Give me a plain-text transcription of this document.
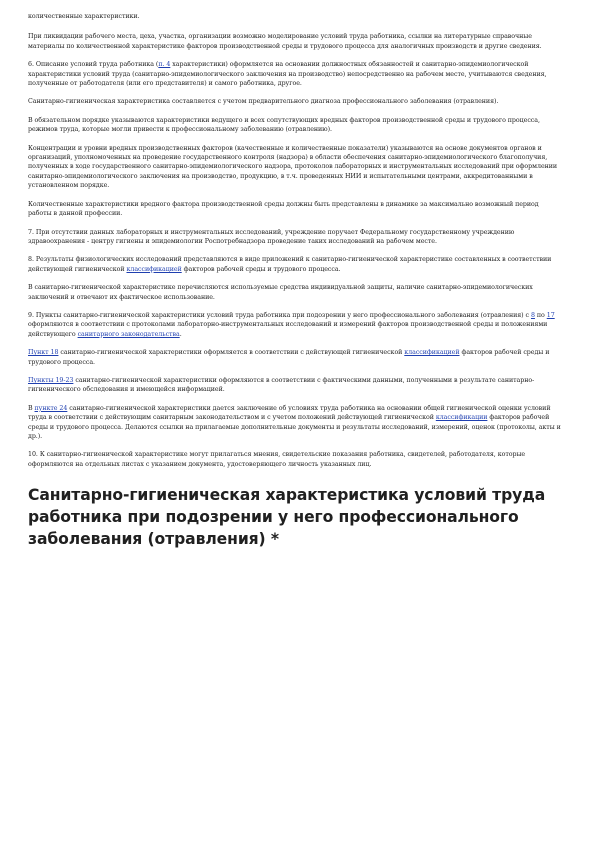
количественные характеристики.

При ликвидации рабочего места, цеха, участка, организации возможно моделирование условий труда работника, ссылки на литературные справочные материалы по количественной характеристике факторов производственной среды и трудового процесса для аналогичных производств и другие сведения.

6. Описание условий труда работника (п. 4 характеристики) оформляется на основании должностных обязанностей и санитарно-эпидемиологической характеристики условий труда (санитарно-эпидемиологического заключения на производство) непосредственно на рабочем месте, учитываются сведения, полученные от работодателя (или его представителя) и самого работника, другое.

Санитарно-гигиеническая характеристика составляется с учетом предварительного диагноза профессионального заболевания (отравления).

В обязательном порядке указываются характеристики ведущего и всех сопутствующих вредных факторов производственной среды и трудового процесса, режимов труда, которые могли привести к профессиональному заболеванию (отравлению).

Концентрации и уровни вредных производственных факторов (качественные и количественные показатели) указываются на основе документов органов и организаций, уполномоченных на проведение государственного контроля (надзора) в области обеспечения санитарно-эпидемиологического благополучия, полученных в ходе государственного санитарно-эпидемиологического надзора, протоколов лабораторных и инструментальных исследований при оформлении санитарно-эпидемиологического заключения на производство, продукцию, в т.ч. проведенных НИИ и испытательными центрами, аккредитованными в установленном порядке.

Количественные характеристики вредного фактора производственной среды должны быть представлены в динамике за максимально возможный период работы в данной профессии.

7. При отсутствии данных лабораторных и инструментальных исследований, учреждение поручает Федеральному государственному учреждению здравоохранения - центру гигиены и эпидемиологии Роспотребнадзора проведение таких исследований на рабочем месте.

8. Результаты физиологических исследований представляются в виде приложений к санитарно-гигиенической характеристике составленных в соответствии действующей гигиенической классификацией факторов рабочей среды и трудового процесса.

В санитарно-гигиенической характеристике перечисляются используемые средства индивидуальной защиты, наличие санитарно-эпидемиологических заключений и отвечают их фактическое использование.

9. Пункты санитарно-гигиенической характеристики условий труда работника при подозрении у него профессионального заболевания (отравления) с 8 по 17 оформляются в соответствии с протоколами лабораторно-инструментальных исследований и измерений факторов производственной среды и положениями действующего санитарного законодательства.

Пункт 18 санитарно-гигиенической характеристики оформляется в соответствии с действующей гигиенической классификацией факторов рабочей среды и трудового процесса.

Пункты 19-23 санитарно-гигиенической характеристики оформляются в соответствии с фактическими данными, полученными в результате санитарно-гигиенического обследования и имеющейся информацией.

В пункте 24 санитарно-гигиенической характеристики дается заключение об условиях труда работника на основании общей гигиенической оценки условий труда в соответствии с действующим санитарным законодательством и с учетом положений действующей гигиенической классификации факторов рабочей среды и трудового процесса. Делаются ссылки на прилагаемые дополнительные документы и результаты исследований, измерений, оценок (протоколы, акты и др.).

10. К санитарно-гигиенической характеристике могут прилагаться мнения, свидетельские показания работника, свидетелей, работодателя, которые оформляются на отдельных листах с указанием документа, удостоверяющего личность указанных лиц.

Санитарно-гигиеническая характеристика условий труда работника при подозрении у него профессионального заболевания (отравления) *
